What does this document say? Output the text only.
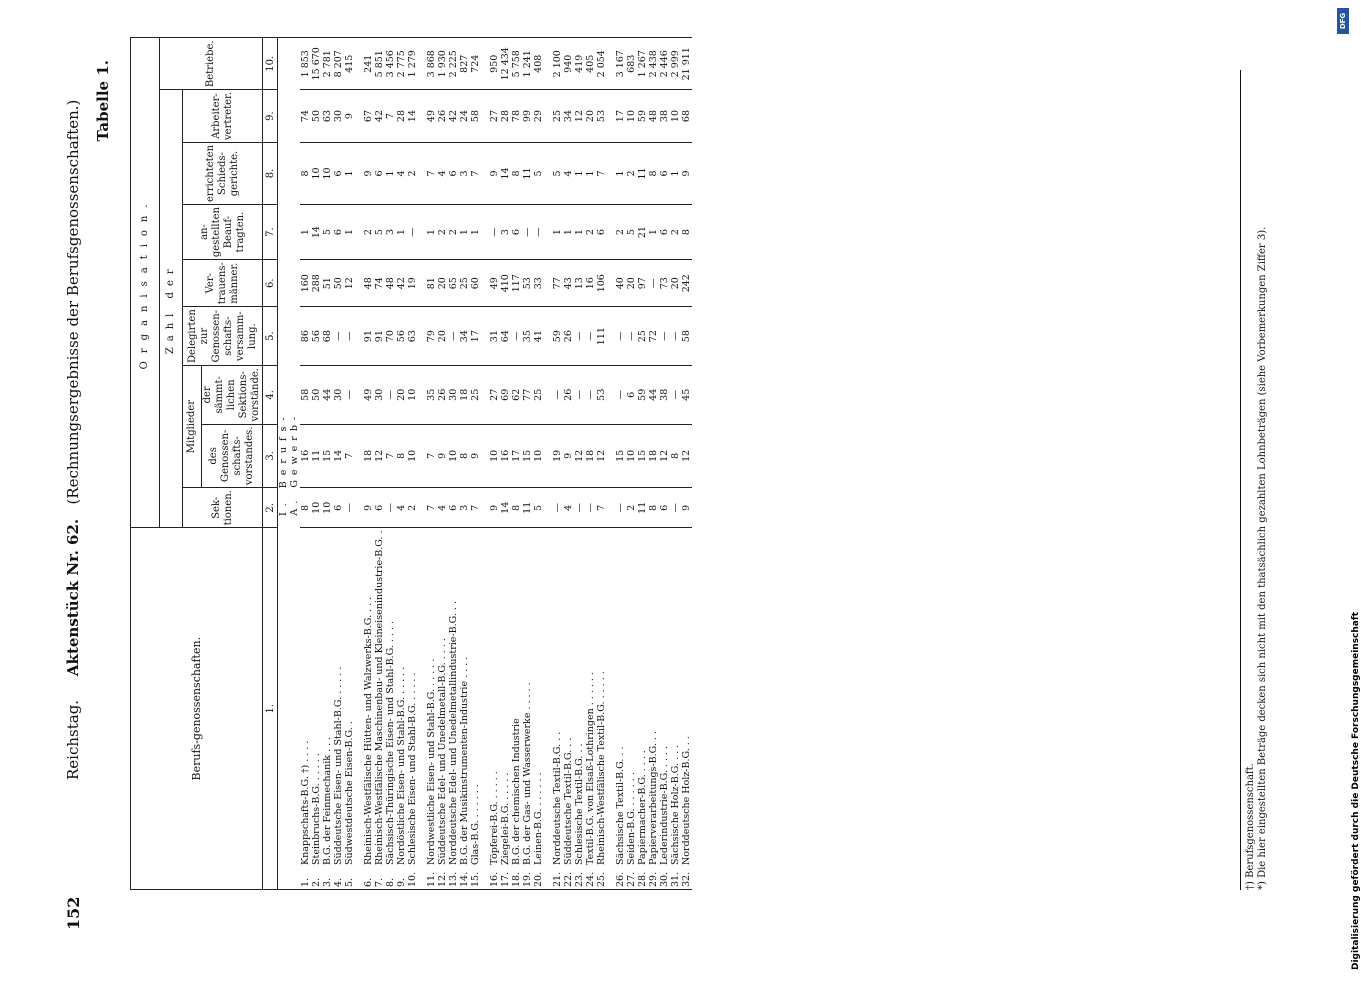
DFG
Digitalisierung gefördert durch die Deutsche Forschungsgemeinschaft
152
Reichstag.     Aktenstück Nr. 62.   (Rechnungsergebnisse der Berufsgenossenschaften.) Tabelle 1.
Berufs-genossenschaften.	Organisation.								
	Zahl der								Betriebe.
	Sek-tionen.	Mitglieder		Delegirten zur Genossen-schafts-versamm-lung.	Ver-trauens-männer.	an-gestellten Beauf-tragten.	errichteten Schieds-gerichte.	Arbeiter-vertreter.	
		des Genossen-schafts-vorstandes.	der sämmt-lichen Sektions-vorstände.						
1.	2.	3.	4.	5.	6.	7.	8.	9.	10.
I. Berufs-									
A. Gewerb-									
1.Knappschafts-B.G. †) . . . .	8	16	58	86	160	1	8	74	1 853
2.Steinbruchs-B.G. . . . . .	10	11	50	56	288	14	10	50	15 670
3.B.G. der Feinmechanik . . .	10	15	44	68	51	5	10	63	2 781
4.Süddeutsche Eisen- und Stahl-B.G. . . . . .	6	14	30	—	50	6	6	30	8 207
5.Südwestdeutsche Eisen-B.G. .	—	7	—	—	12	1	1	9	415

6.Rheinisch-Westfälische Hütten- und Walzwerks-B.G. . . .	9	18	49	91	48	2	9	67	241
7.Rheinisch-Westfälische Maschinenbau- und Kleineisenindustrie-B.G. .	6	12	30	91	74	5	6	42	5 851
8.Sächsisch-Thüringische Eisen- und Stahl-B.G. . . . .	—	7	—	70	48	3	1	7	3 456
9.Nordöstliche Eisen- und Stahl-B.G. . . . . .	4	8	20	56	42	1	4	28	2 775
10.Schlesische Eisen- und Stahl-B.G. . . . . .	2	10	10	63	19	—	2	14	1 279

11.Nordwestliche Eisen- und Stahl-B.G. . . . . .	7	7	35	79	81	1	7	49	3 868
12.Süddeutsche Edel- und Unedelmetall-B.G. . . . .	4	9	26	20	20	2	4	26	1 930
13.Norddeutsche Edel- und Unedelmetallindustrie-B.G. . .	6	10	30	—	65	2	6	42	2 225
14.B.G. der Musikinstrumenten-Industrie . . . .	3	8	18	34	25	1	3	24	827
15.Glas-B.G. . . . . . .	7	9	25	17	60	1	7	58	724

16.Töpferei-B.G. . . . . .	9	10	27	31	49	—	9	27	950
17.Ziegelei-B.G. . . . . .	14	16	69	64	410	3	14	28	12 434
18.B.G. der chemischen Industrie	8	17	62	—	117	6	8	78	5 758
19.B.G. der Gas- und Wasserwerke . . . . .	11	15	77	35	53	—	11	99	1 241
20.Leinen-B.G. . . . . . .	5	10	25	41	33	—	5	29	408

21.Norddeutsche Textil-B.G. . .	—	19	—	59	77	1	5	25	2 100
22.Süddeutsche Textil-B.G. . .	4	9	26	26	43	1	4	34	940
23.Schlesische Textil-B.G. . .	—	12	—	—	13	1	1	12	419
24.Textil-B.G. von Elsaß-Lothringen . . . . . .	—	18	—	—	16	2	1	20	405
25.Rheinisch-Westfälische Textil-B.G. . . . . .	7	12	53	111	106	6	7	53	2 054

26.Sächsische Textil-B.G. . .	—	15	—	—	40	2	1	17	3 167
27.Seiden-B.G. . . . . . .	2	10	6	—	20	5	2	10	683
28.Papiermacher-B.G. . . . .	11	15	59	25	97	21	11	59	1 267
29.Papierverarbeitungs-B.G. . .	8	18	44	72	—	1	8	48	2 438
30.Lederindustrie-B.G. . . . .	6	12	38	—	73	6	6	38	2 446
31.Sächsische Holz-B.G. . . .	—	8	—	—	20	2	1	10	2 999
32.Norddeutsche Holz-B.G. . .	9	12	45	58	242	8	9	68	21 911
†) Berufsgenossenschaft. *) Die hier eingestellten Beträge decken sich nicht mit den thatsächlich gezahlten Lohnbeträgen (siehe Vorbemerkungen Ziffer 3).
